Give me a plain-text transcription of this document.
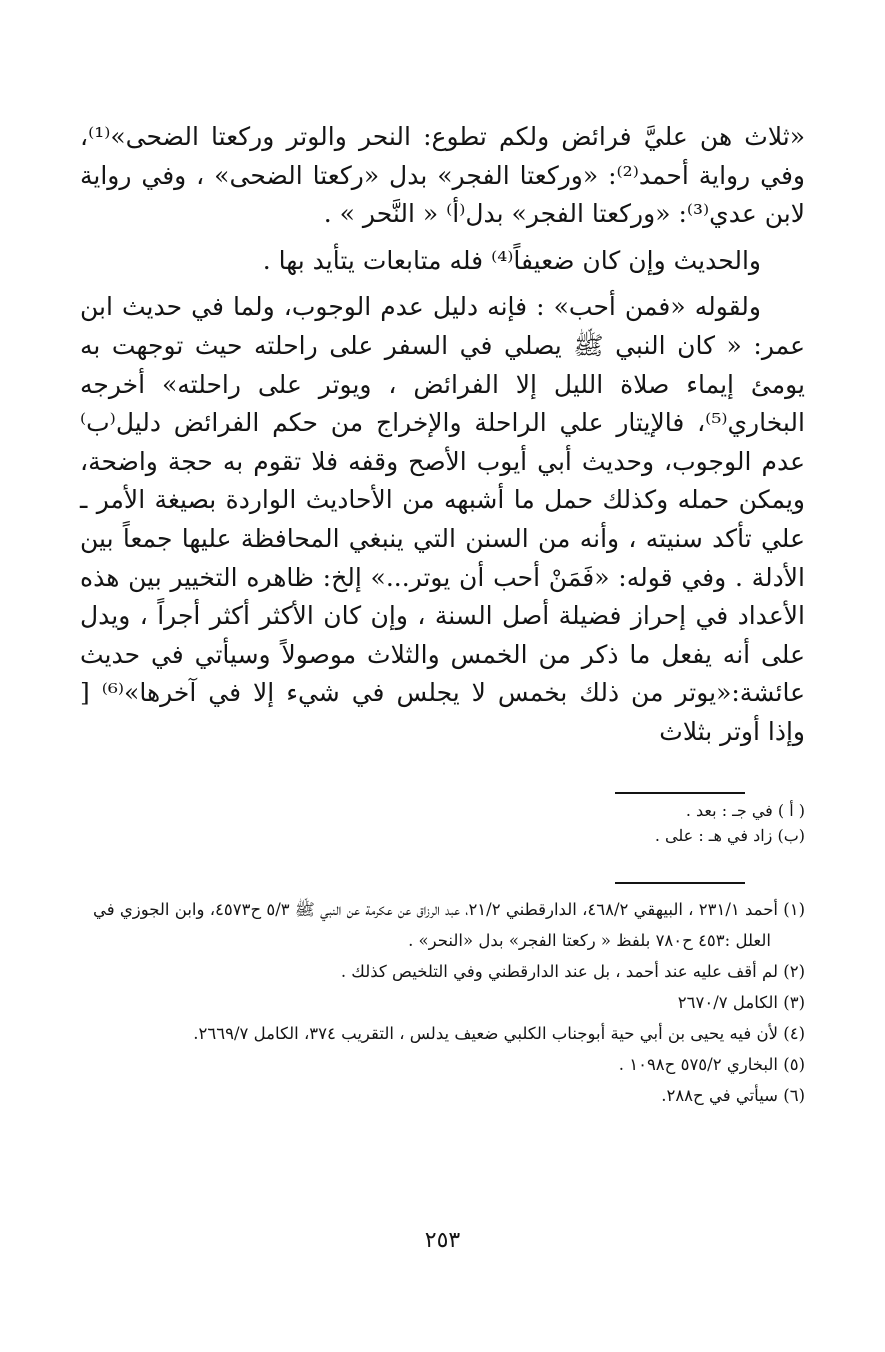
«ثلاث هن عليَّ فرائض ولكم تطوع: النحر والوتر وركعتا الضحى»⁽¹⁾، وفي رواية أحمد⁽²⁾: «وركعتا الفجر» بدل «ركعتا الضحى» ، وفي رواية لابن عدي⁽³⁾: «وركعتا الفجر» بدل⁽أ⁾ « النَّحر » .

والحديث وإن كان ضعيفاً⁽⁴⁾ فله متابعات يتأيد بها .

ولقوله «فمن أحب» : فإنه دليل عدم الوجوب، ولما في حديث ابن عمر: « كان النبي ﷺ يصلي في السفر على راحلته حيث توجهت به يومئ إيماء صلاة الليل إلا الفرائض ، ويوتر على راحلته» أخرجه البخاري⁽⁵⁾، فالإيتار علي الراحلة والإخراج من حكم الفرائض دليل⁽ب⁾ عدم الوجوب، وحديث أبي أيوب الأصح وقفه فلا تقوم به حجة واضحة، ويمكن حمله وكذلك حمل ما أشبهه من الأحاديث الواردة بصيغة الأمر ـ علي تأكد سنيته ، وأنه من السنن التي ينبغي المحافظة عليها جمعاً بين الأدلة . وفي قوله: «فَمَنْ أحب أن يوتر...» إلخ: ظاهره التخيير بين هذه الأعداد في إحراز فضيلة أصل السنة ، وإن كان الأكثر أكثر أجراً ، ويدل على أنه يفعل ما ذكر من الخمس والثلاث موصولاً وسيأتي في حديث عائشة:«يوتر من ذلك بخمس لا يجلس في شيء إلا في آخرها»⁽⁶⁾ [ وإذا أوتر بثلاث

( أ ) في جـ : بعد .

(ب) زاد في هـ : على .

(١) أحمد ٢٣١/١ ، البيهقي ٤٦٨/٢، الدارقطني ٢١/٢، عبد الرزاق عن عكرمة عن النبي ﷺ ٥/٣ ح٤٥٧٣، وابن الجوزي في العلل :٤٥٣ ح٧٨٠ بلفظ « ركعتا الفجر» بدل «النحر» .

(٢) لم أقف عليه عند أحمد ، بل عند الدارقطني وفي التلخيص كذلك .

(٣) الكامل ٢٦٧٠/٧

(٤) لأن فيه يحيى بن أبي حية أبوجناب الكلبي ضعيف يدلس ، التقريب ٣٧٤، الكامل ٢٦٦٩/٧.

(٥) البخاري ٥٧٥/٢ ح١٠٩٨ .

(٦) سيأتي في ح٢٨٨.

٢٥٣
